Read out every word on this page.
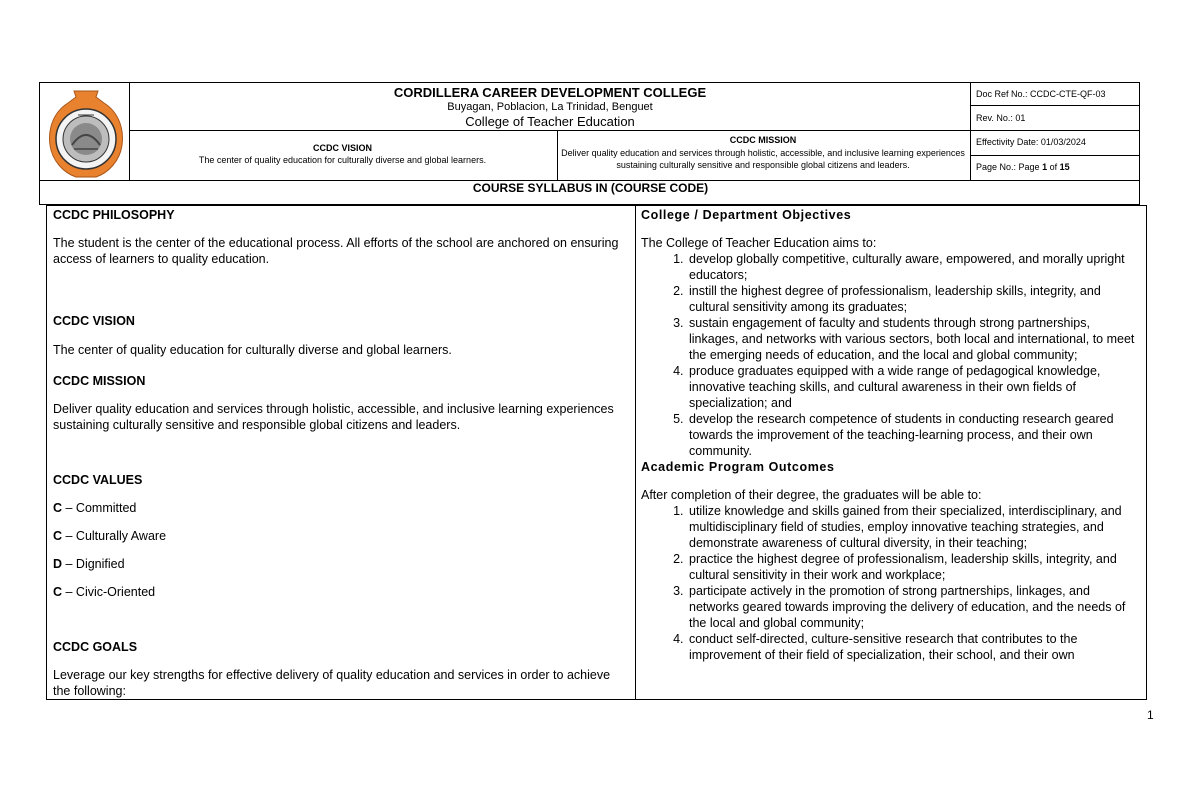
CORDILLERA CAREER DEVELOPMENT COLLEGE
Buyagan, Poblacion, La Trinidad, Benguet
College of Teacher Education
CCDC VISION
The center of quality education for culturally diverse and global learners.
CCDC MISSION
Deliver quality education and services through holistic, accessible, and inclusive learning experiences sustaining culturally sensitive and responsible global citizens and leaders.
Doc Ref No.: CCDC-CTE-QF-03
Rev. No.: 01
Effectivity Date: 01/03/2024
Page No.: Page 1 of 15
COURSE SYLLABUS IN (COURSE CODE)
CCDC PHILOSOPHY

The student is the center of the educational process. All efforts of the school are anchored on ensuring access of learners to quality education.

CCDC VISION

The center of quality education for culturally diverse and global learners.

CCDC MISSION

Deliver quality education and services through holistic, accessible, and inclusive learning experiences sustaining culturally sensitive and responsible global citizens and leaders.

CCDC VALUES

C – Committed

C – Culturally Aware

D – Dignified

C – Civic-Oriented

CCDC GOALS

Leverage our key strengths for effective delivery of quality education and services in order to achieve the following:

College / Department Objectives

The College of Teacher Education aims to:

1. develop globally competitive, culturally aware, empowered, and morally upright educators;
2. instill the highest degree of professionalism, leadership skills, integrity, and cultural sensitivity among its graduates;
3. sustain engagement of faculty and students through strong partnerships, linkages, and networks with various sectors, both local and international, to meet the emerging needs of education, and the local and global community;
4. produce graduates equipped with a wide range of pedagogical knowledge, innovative teaching skills, and cultural awareness in their own fields of specialization; and
5. develop the research competence of students in conducting research geared towards the improvement of the teaching-learning process, and their own community.
Academic Program Outcomes

After completion of their degree, the graduates will be able to:

1. utilize knowledge and skills gained from their specialized, interdisciplinary, and multidisciplinary field of studies, employ innovative teaching strategies, and demonstrate awareness of cultural diversity, in their teaching;
2. practice the highest degree of professionalism, leadership skills, integrity, and cultural sensitivity in their work and workplace;
3. participate actively in the promotion of strong partnerships, linkages, and networks geared towards improving the delivery of education, and the needs of the local and global community;
4. conduct self-directed, culture-sensitive research that contributes to the improvement of their field of specialization, their school, and their own
1
